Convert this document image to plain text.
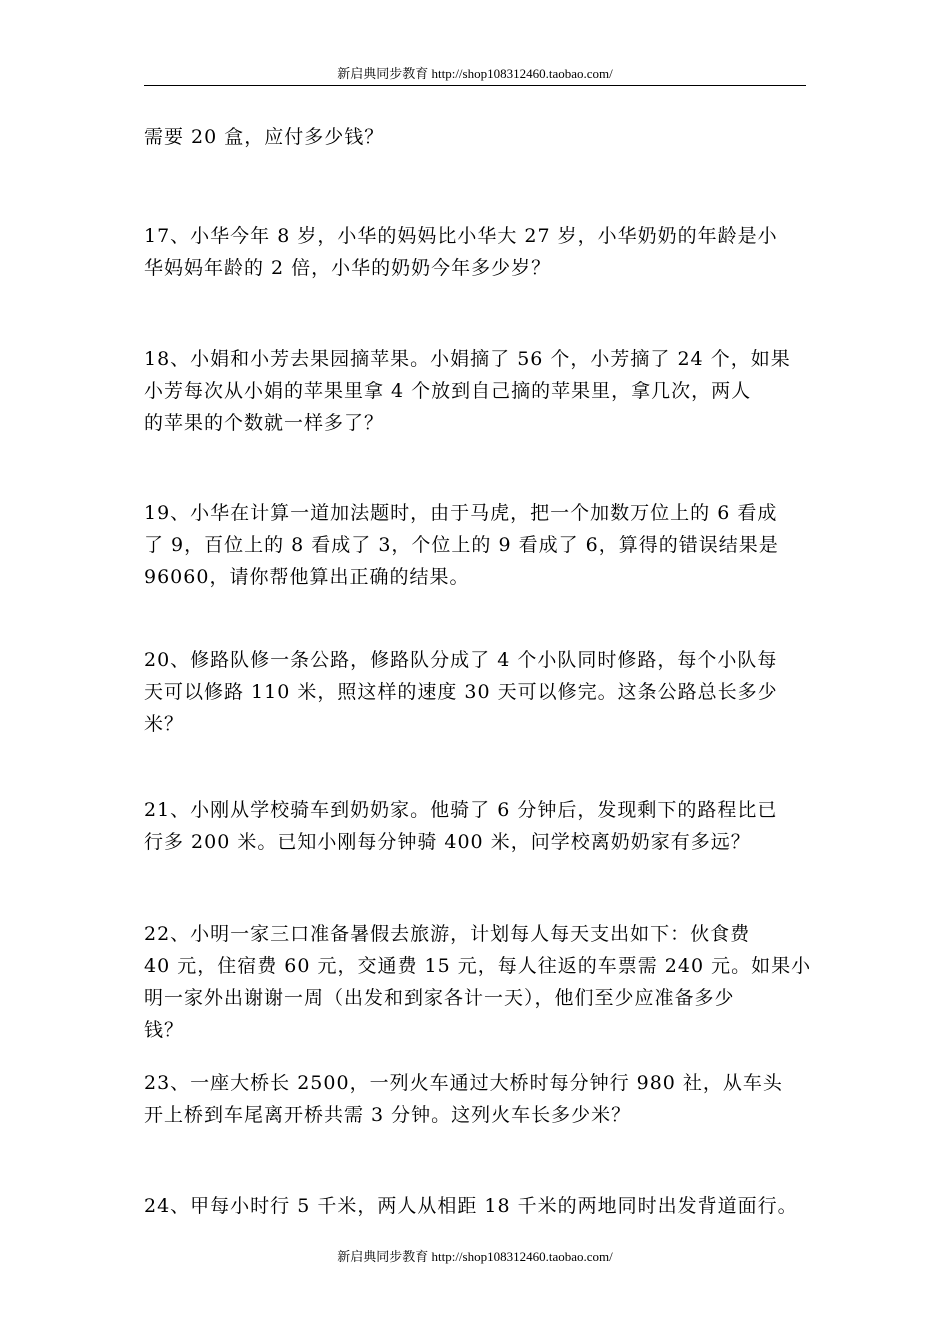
新启典同步教育 http://shop108312460.taobao.com/
需要 20 盒，应付多少钱？
17、小华今年 8 岁，小华的妈妈比小华大 27 岁，小华奶奶的年龄是小
华妈妈年龄的 2 倍，小华的奶奶今年多少岁？
18、小娟和小芳去果园摘苹果。小娟摘了 56 个，小芳摘了 24 个，如果
小芳每次从小娟的苹果里拿 4 个放到自己摘的苹果里，拿几次，两人
的苹果的个数就一样多了？
19、小华在计算一道加法题时，由于马虎，把一个加数万位上的 6 看成
了 9，百位上的 8 看成了 3，个位上的 9 看成了 6，算得的错误结果是
96060，请你帮他算出正确的结果。
20、修路队修一条公路，修路队分成了 4 个小队同时修路，每个小队每
天可以修路 110 米，照这样的速度 30 天可以修完。这条公路总长多少
米？
21、小刚从学校骑车到奶奶家。他骑了 6 分钟后，发现剩下的路程比已
行多 200 米。已知小刚每分钟骑 400 米，问学校离奶奶家有多远？
22、小明一家三口准备暑假去旅游，计划每人每天支出如下：伙食费
40 元，住宿费 60 元，交通费 15 元，每人往返的车票需 240 元。如果小
明一家外出谢谢一周（出发和到家各计一天），他们至少应准备多少
钱？
23、一座大桥长 2500，一列火车通过大桥时每分钟行 980 社，从车头
开上桥到车尾离开桥共需 3 分钟。这列火车长多少米？
24、甲每小时行 5 千米，两人从相距 18 千米的两地同时出发背道面行。
新启典同步教育 http://shop108312460.taobao.com/
